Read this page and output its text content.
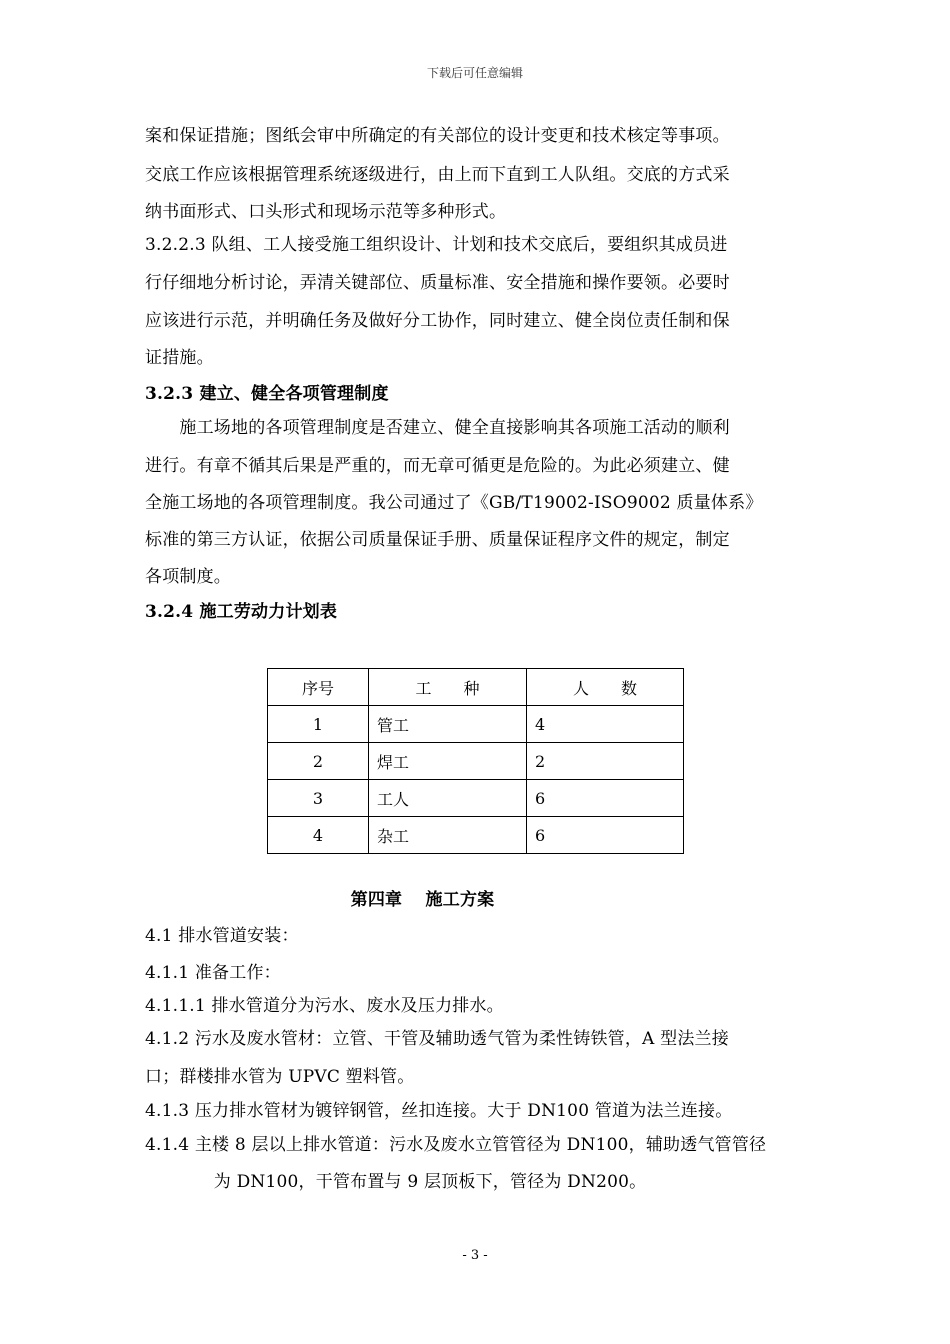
下载后可任意编辑
案和保证措施；图纸会审中所确定的有关部位的设计变更和技术核定等事项。
交底工作应该根据管理系统逐级进行，由上而下直到工人队组。交底的方式采
纳书面形式、口头形式和现场示范等多种形式。
3.2.2.3 队组、工人接受施工组织设计、计划和技术交底后，要组织其成员进
行仔细地分析讨论，弄清关键部位、质量标准、安全措施和操作要领。必要时
应该进行示范，并明确任务及做好分工协作，同时建立、健全岗位责任制和保
证措施。
3.2.3 建立、健全各项管理制度
　　施工场地的各项管理制度是否建立、健全直接影响其各项施工活动的顺利
进行。有章不循其后果是严重的，而无章可循更是危险的。为此必须建立、健
全施工场地的各项管理制度。我公司通过了《GB/T19002-ISO9002 质量体系》
标准的第三方认证，依据公司质量保证手册、质量保证程序文件的规定，制定
各项制度。
3.2.4 施工劳动力计划表
序号	工　　种	人　　数
1	管工	4
2	焊工	2
3	工人	6
4	杂工	6
第四章　 施工方案
4.1 排水管道安装：
4.1.1 准备工作：
4.1.1.1 排水管道分为污水、废水及压力排水。
4.1.2 污水及废水管材：立管、干管及辅助透气管为柔性铸铁管，A 型法兰接
口；群楼排水管为 UPVC 塑料管。
4.1.3 压力排水管材为镀锌钢管，丝扣连接。大于 DN100 管道为法兰连接。
4.1.4 主楼 8 层以上排水管道：污水及废水立管管径为 DN100，辅助透气管管径
　　　　为 DN100，干管布置与 9 层顶板下，管径为 DN200。
- 3 -
